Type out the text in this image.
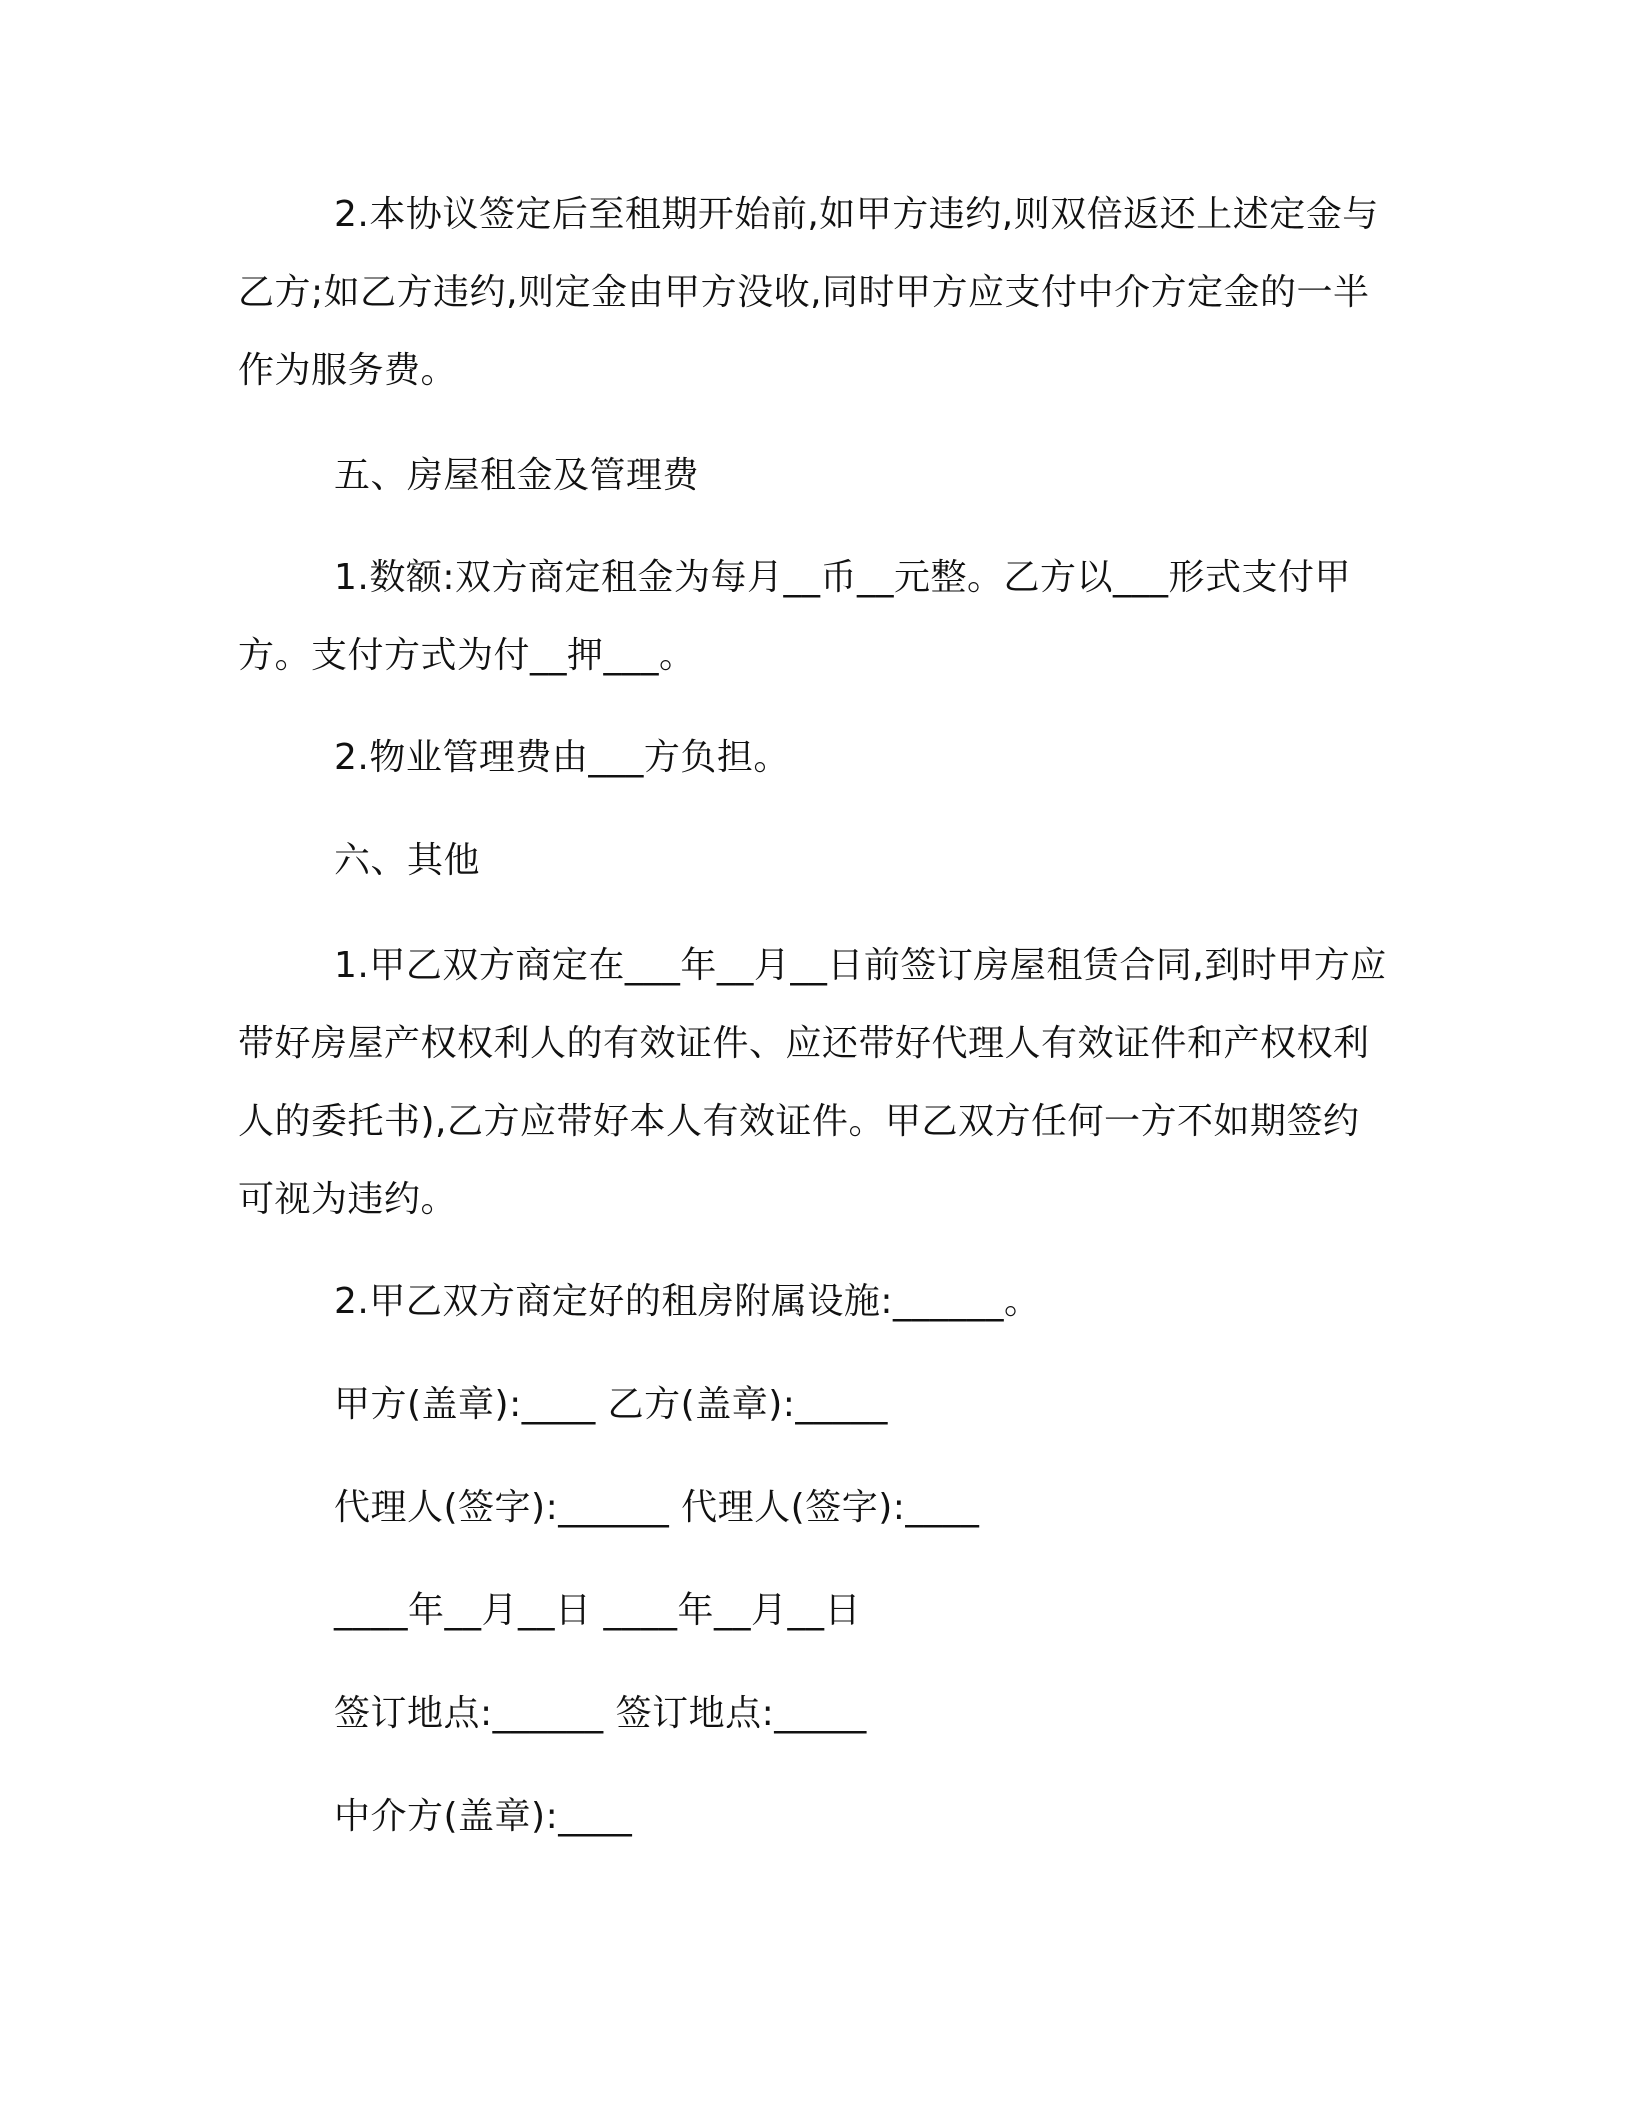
2.本协议签定后至租期开始前,如甲方违约,则双倍返还上述定金与乙方;如乙方违约,则定金由甲方没收,同时甲方应支付中介方定金的一半作为服务费。

五、房屋租金及管理费

1.数额:双方商定租金为每月__币__元整。乙方以___形式支付甲方。支付方式为付__押___。

2.物业管理费由___方负担。

六、其他

1.甲乙双方商定在___年__月__日前签订房屋租赁合同,到时甲方应带好房屋产权权利人的有效证件、应还带好代理人有效证件和产权权利人的委托书),乙方应带好本人有效证件。甲乙双方任何一方不如期签约可视为违约。

2.甲乙双方商定好的租房附属设施:______。

甲方(盖章):____ 乙方(盖章):_____

代理人(签字):______ 代理人(签字):____

____年__月__日 ____年__月__日

签订地点:______ 签订地点:_____

中介方(盖章):____
